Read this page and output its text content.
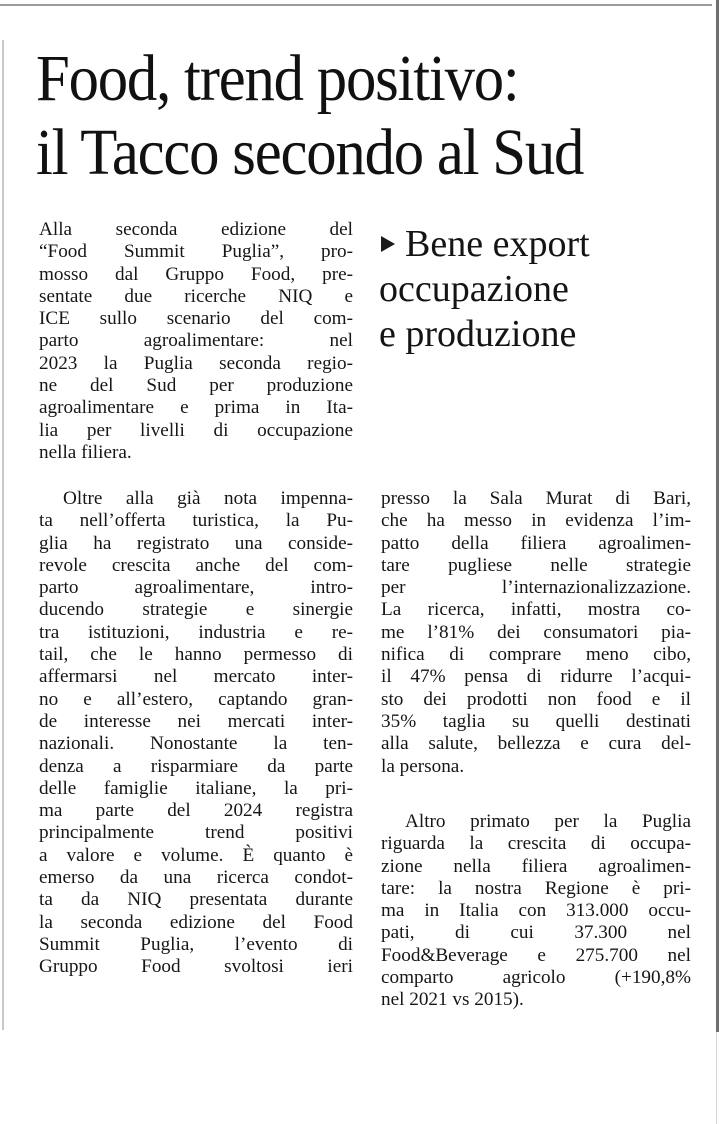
Food, trend positivo:
il Tacco secondo al Sud
Alla seconda edizione del
“Food Summit Puglia”, pro-
mosso dal Gruppo Food, pre-
sentate due ricerche NIQ e
ICE sullo scenario del com-
parto agroalimentare: nel
2023 la Puglia seconda regio-
ne del Sud per produzione
agroalimentare e prima in Ita-
lia per livelli di occupazione
nella filiera.
Bene export
occupazione
e produzione
Oltre alla già nota impenna-
ta nell’offerta turistica, la Pu-
glia ha registrato una conside-
revole crescita anche del com-
parto agroalimentare, intro-
ducendo strategie e sinergie
tra istituzioni, industria e re-
tail, che le hanno permesso di
affermarsi nel mercato inter-
no e all’estero, captando gran-
de interesse nei mercati inter-
nazionali. Nonostante la ten-
denza a risparmiare da parte
delle famiglie italiane, la pri-
ma parte del 2024 registra
principalmente trend positivi
a valore e volume. È quanto è
emerso da una ricerca condot-
ta da NIQ presentata durante
la seconda edizione del Food
Summit Puglia, l’evento di
Gruppo Food svoltosi ieri
presso la Sala Murat di Bari,
che ha messo in evidenza l’im-
patto della filiera agroalimen-
tare pugliese nelle strategie
per l’internazionalizzazione.
La ricerca, infatti, mostra co-
me l’81% dei consumatori pia-
nifica di comprare meno cibo,
il 47% pensa di ridurre l’acqui-
sto dei prodotti non food e il
35% taglia su quelli destinati
alla salute, bellezza e cura del-
la persona.
Altro primato per la Puglia
riguarda la crescita di occupa-
zione nella filiera agroalimen-
tare: la nostra Regione è pri-
ma in Italia con 313.000 occu-
pati, di cui 37.300 nel
Food&Beverage e 275.700 nel
comparto agricolo (+190,8%
nel 2021 vs 2015).
